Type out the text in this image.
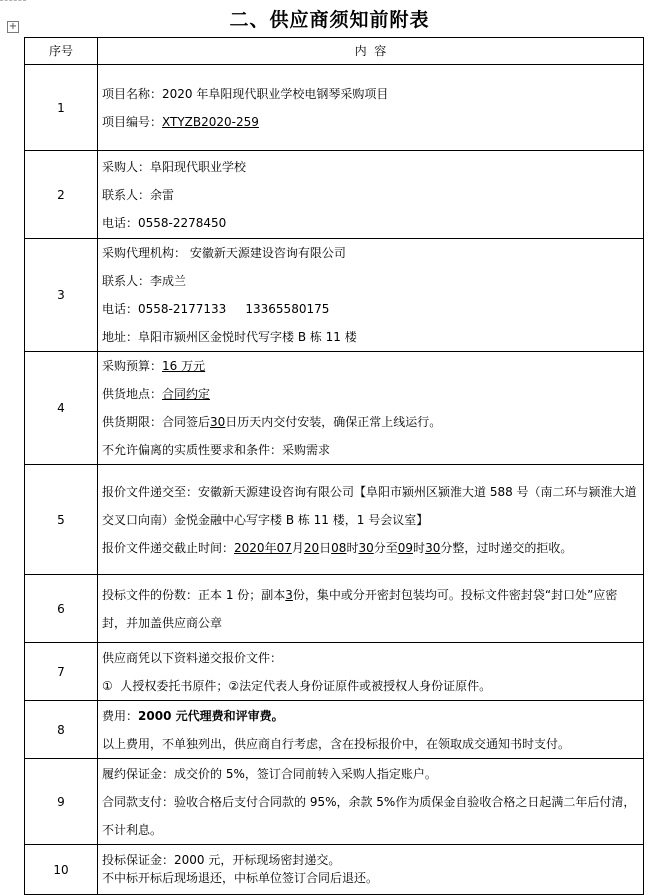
+	二、供应商须知前附表
序号	内  容
1	项目名称：2020 年阜阳现代职业学校电钢琴采购项目
项目编号：XTYZB2020-259

2	采购人：阜阳现代职业学校
联系人：余雷
电话：0558-2278450

3	采购代理机构： 安徽新天源建设咨询有限公司
联系人：李成兰
电话：0558-2177133     13365580175
地址：阜阳市颍州区金悦时代写字楼 B 栋 11 楼

4	采购预算：16 万元
供货地点：合同约定
供货期限：合同签后30日历天内交付安装，确保正常上线运行。
不允许偏离的实质性要求和条件：采购需求

5	报价文件递交至：安徽新天源建设咨询有限公司【阜阳市颍州区颍淮大道 588 号（南二环与颍淮大道交叉口向南）金悦金融中心写字楼 B 栋 11 楼，1 号会议室】
报价文件递交截止时间：2020年07月20日08时30分至09时30分整，过时递交的拒收。

6	投标文件的份数：正本 1 份；副本3份，集中或分开密封包装均可。投标文件密封袋“封口处”应密封，并加盖供应商公章
7	供应商凭以下资料递交报价文件：
①  人授权委托书原件；②法定代表人身份证原件或被授权人身份证原件。

8	费用：2000 元代理费和评审费。
以上费用，不单独列出，供应商自行考虑，含在投标报价中，在领取成交通知书时支付。

9	履约保证金：成交价的 5%，签订合同前转入采购人指定账户。
合同款支付：验收合格后支付合同款的 95%，余款 5%作为质保金自验收合格之日起满二年后付清，不计利息。

10	投标保证金：2000 元，开标现场密封递交。
不中标开标后现场退还，中标单位签订合同后退还。
